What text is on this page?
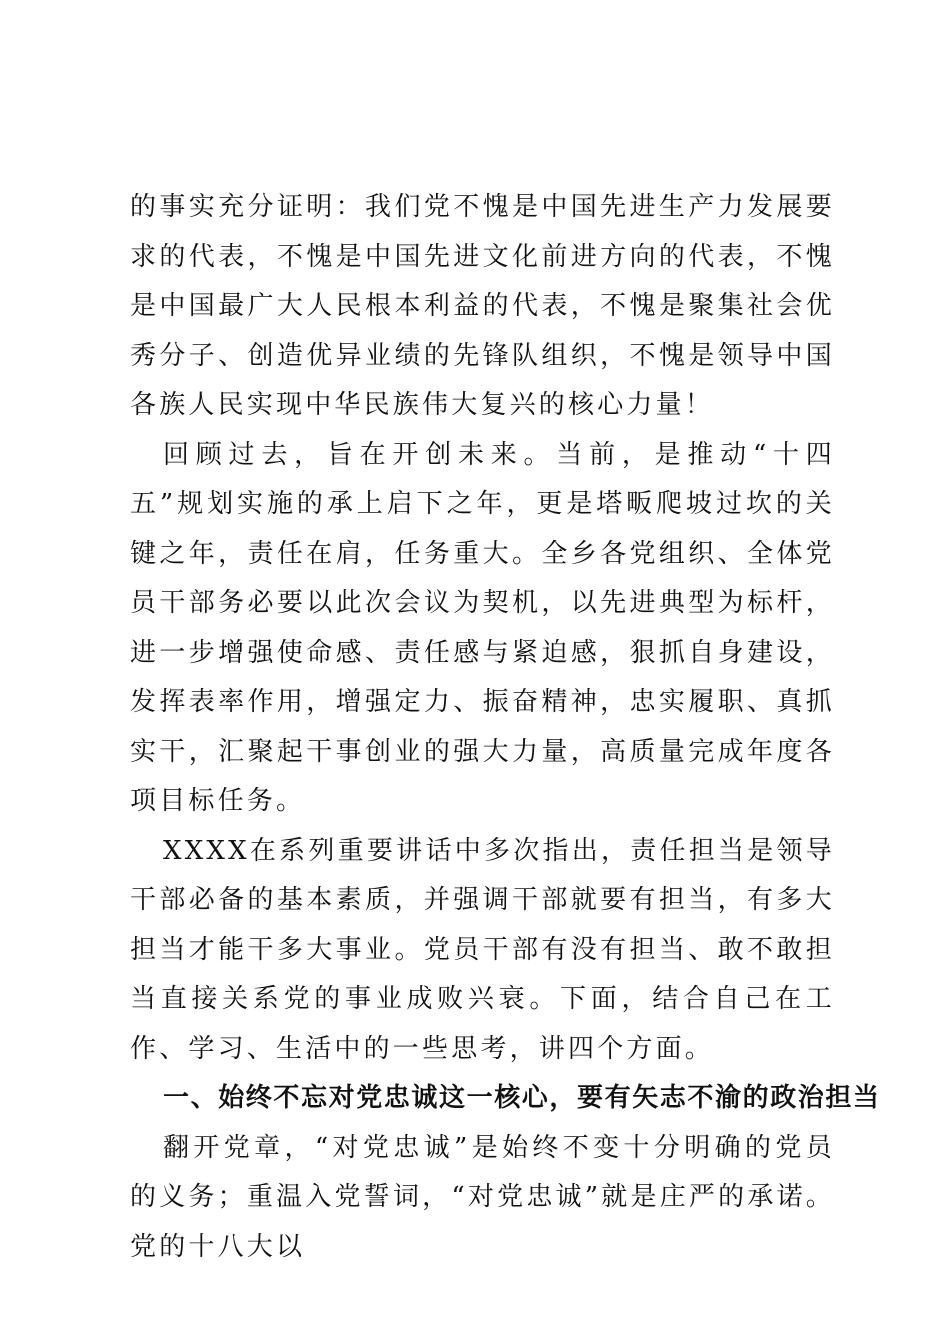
的事实充分证明：我们党不愧是中国先进生产力发展要求的代表，不愧是中国先进文化前进方向的代表，不愧是中国最广大人民根本利益的代表，不愧是聚集社会优秀分子、创造优异业绩的先锋队组织，不愧是领导中国各族人民实现中华民族伟大复兴的核心力量！

回顾过去，旨在开创未来。当前，是推动“十四五”规划实施的承上启下之年，更是塔畈爬坡过坎的关键之年，责任在肩，任务重大。全乡各党组织、全体党员干部务必要以此次会议为契机，以先进典型为标杆，进一步增强使命感、责任感与紧迫感，狠抓自身建设，发挥表率作用，增强定力、振奋精神，忠实履职、真抓实干，汇聚起干事创业的强大力量，高质量完成年度各项目标任务。

XXXX在系列重要讲话中多次指出，责任担当是领导干部必备的基本素质，并强调干部就要有担当，有多大担当才能干多大事业。党员干部有没有担当、敢不敢担当直接关系党的事业成败兴衰。下面，结合自己在工作、学习、生活中的一些思考，讲四个方面。

一、始终不忘对党忠诚这一核心，要有矢志不渝的政治担当

翻开党章，“对党忠诚”是始终不变十分明确的党员的义务；重温入党誓词，“对党忠诚”就是庄严的承诺。党的十八大以
